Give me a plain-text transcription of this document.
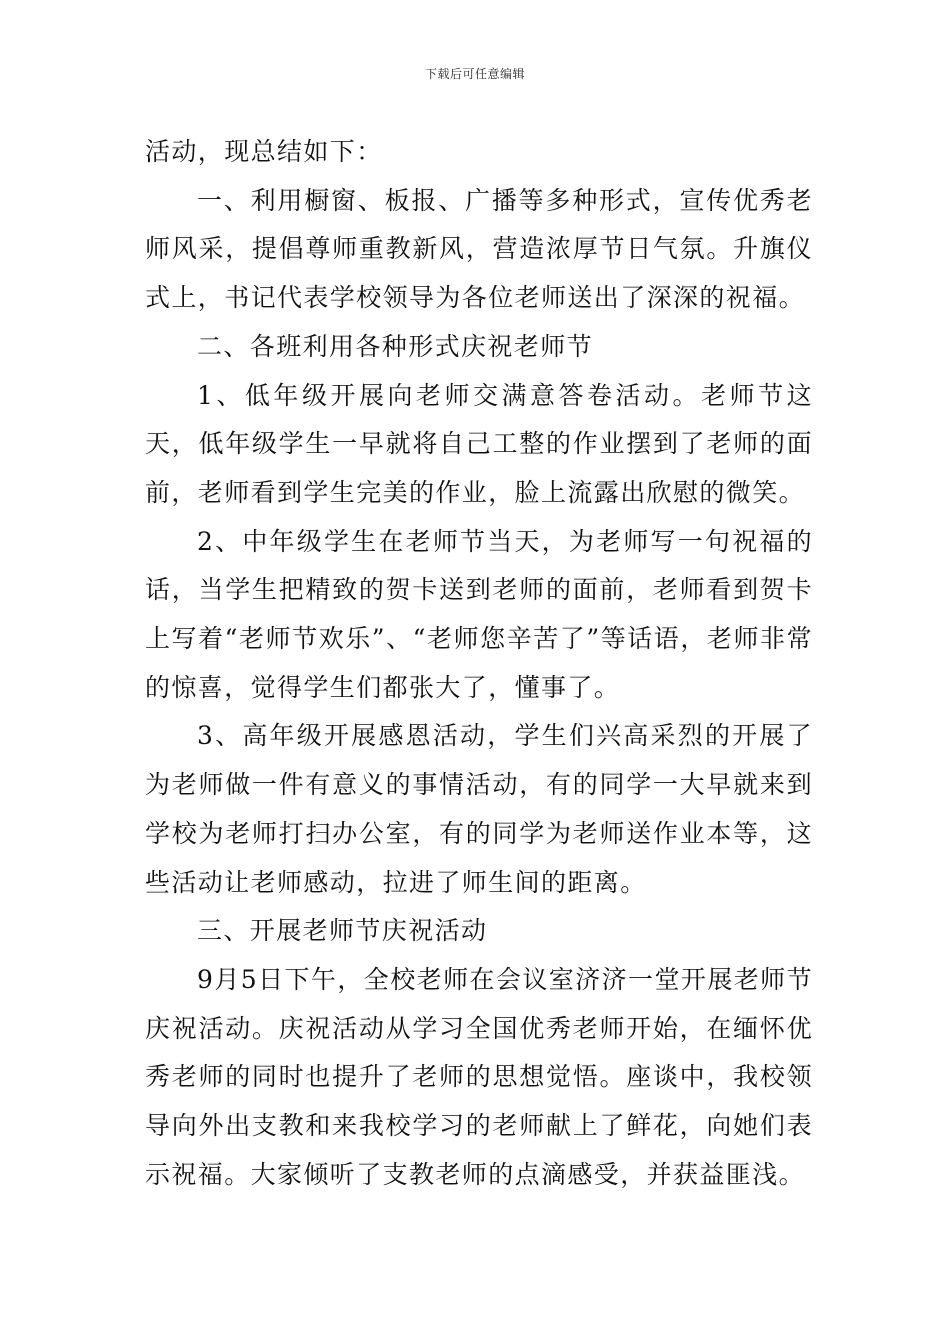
下载后可任意编辑

活动，现总结如下：

一、利用橱窗、板报、广播等多种形式，宣传优秀老师风采，提倡尊师重教新风，营造浓厚节日气氛。升旗仪式上，书记代表学校领导为各位老师送出了深深的祝福。

二、各班利用各种形式庆祝老师节

1、低年级开展向老师交满意答卷活动。老师节这天，低年级学生一早就将自己工整的作业摆到了老师的面前，老师看到学生完美的作业，脸上流露出欣慰的微笑。

2、中年级学生在老师节当天，为老师写一句祝福的话，当学生把精致的贺卡送到老师的面前，老师看到贺卡上写着“老师节欢乐”、“老师您辛苦了”等话语，老师非常的惊喜，觉得学生们都张大了，懂事了。

3、高年级开展感恩活动，学生们兴高采烈的开展了为老师做一件有意义的事情活动，有的同学一大早就来到学校为老师打扫办公室，有的同学为老师送作业本等，这些活动让老师感动，拉进了师生间的距离。

三、开展老师节庆祝活动

9月5日下午，全校老师在会议室济济一堂开展老师节庆祝活动。庆祝活动从学习全国优秀老师开始，在缅怀优秀老师的同时也提升了老师的思想觉悟。座谈中，我校领导向外出支教和来我校学习的老师献上了鲜花，向她们表示祝福。大家倾听了支教老师的点滴感受，并获益匪浅。
